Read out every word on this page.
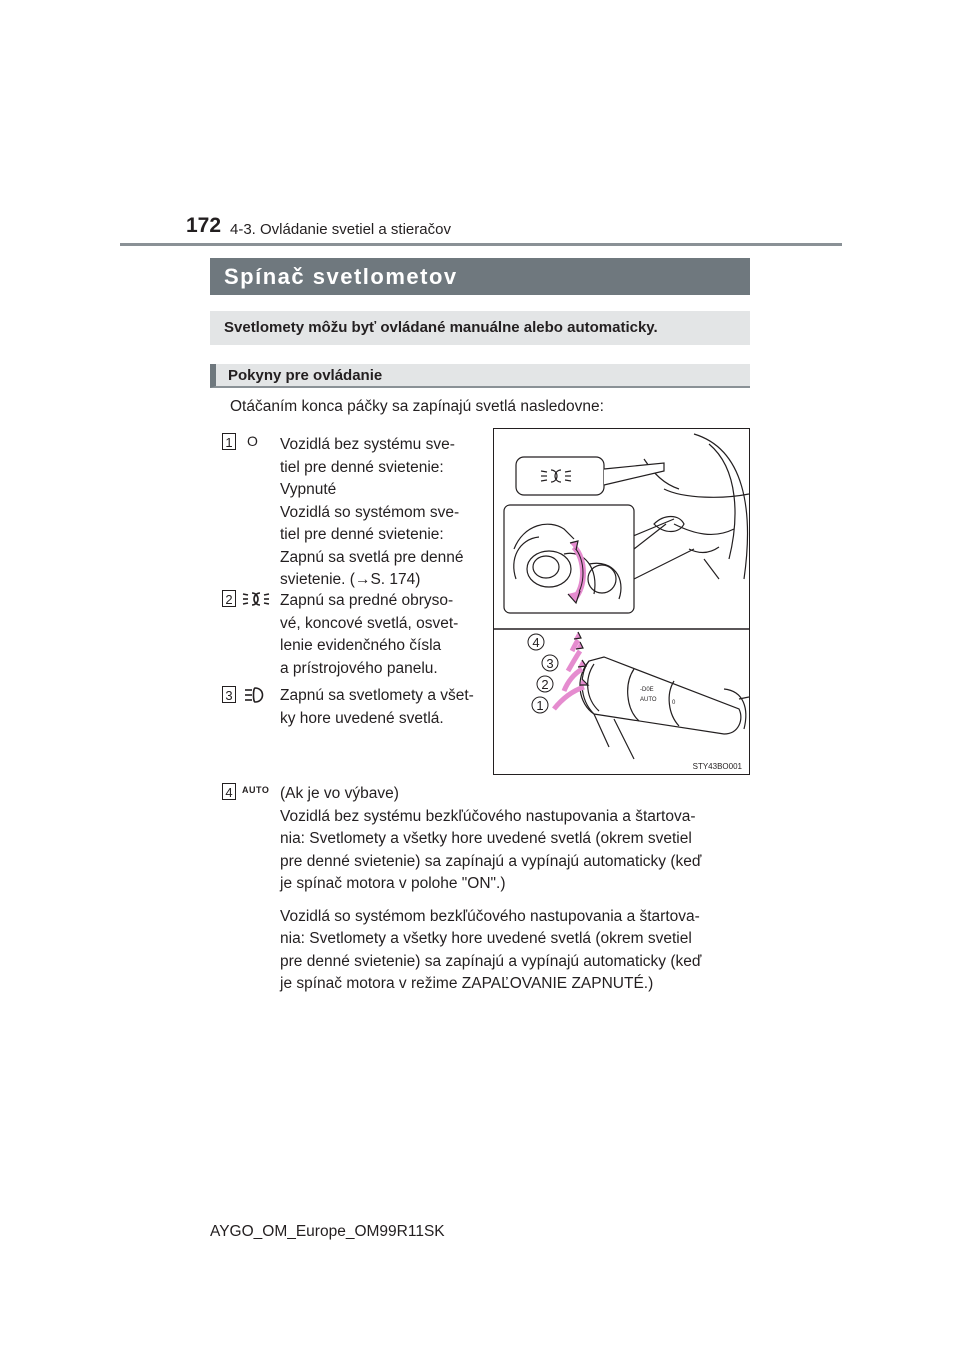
172 4-3. Ovládanie svetiel a stieračov
Spínač svetlometov
Svetlomety môžu byť ovládané manuálne alebo automaticky.
Pokyny pre ovládanie
Otáčaním konca páčky sa zapínajú svetlá nasledovne:
1 O Vozidlá bez systému sve-

tiel pre denné svietenie:

Vypnuté

Vozidlá so systémom sve-

tiel pre denné svietenie:

Zapnú sa svetlá pre denné

svietenie. (→S. 174)

2	Zapnú sa predné obryso-

vé, koncové svetlá, osvet-

lenie evidenčného čísla

a prístrojového panelu.

3	Zapnú sa svetlomety a všet-

ky hore uvedené svetlá.

-D0E
AUTO	0
4
3
2
1
STY43BO001
4	AUTO (Ak je vo výbave)

Vozidlá bez systému bezkľúčového nastupovania a štartova-

nia: Svetlomety a všetky hore uvedené svetlá (okrem svetiel

pre denné svietenie) sa zapínajú a vypínajú automaticky (keď

je spínač motora v polohe "ON".)

Vozidlá so systémom bezkľúčového nastupovania a štartova-

nia: Svetlomety a všetky hore uvedené svetlá (okrem svetiel

pre denné svietenie) sa zapínajú a vypínajú automaticky (keď

je spínač motora v režime ZAPAĽOVANIE ZAPNUTÉ.)

AYGO_OM_Europe_OM99R11SK
